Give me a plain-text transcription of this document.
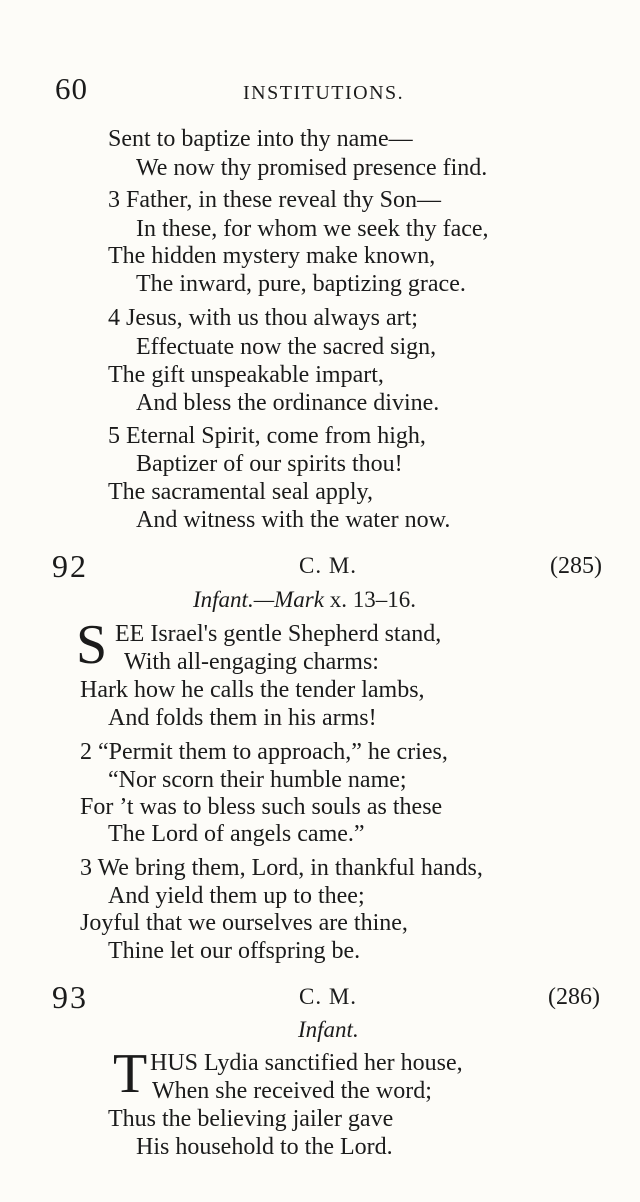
60	INSTITUTIONS.
Sent to baptize into thy name—
We now thy promised presence find.
3 Father, in these reveal thy Son—
In these, for whom we seek thy face,
The hidden mystery make known,
The inward, pure, baptizing grace.
4 Jesus, with us thou always art;
Effectuate now the sacred sign,
The gift unspeakable impart,
And bless the ordinance divine.
5 Eternal Spirit, come from high,
Baptizer of our spirits thou!
The sacramental seal apply,
And witness with the water now.
92	C. M.	(285)
Infant.—Mark x. 13–16.
S EE Israel's gentle Shepherd stand,
With all-engaging charms:
Hark how he calls the tender lambs,
And folds them in his arms!
2 “Permit them to approach,” he cries,
“Nor scorn their humble name;
For ’t was to bless such souls as these
The Lord of angels came.”
3 We bring them, Lord, in thankful hands,
And yield them up to thee;
Joyful that we ourselves are thine,
Thine let our offspring be.
93	C. M.	(286)
Infant.
T HUS Lydia sanctified her house,
When she received the word;
Thus the believing jailer gave
His household to the Lord.
